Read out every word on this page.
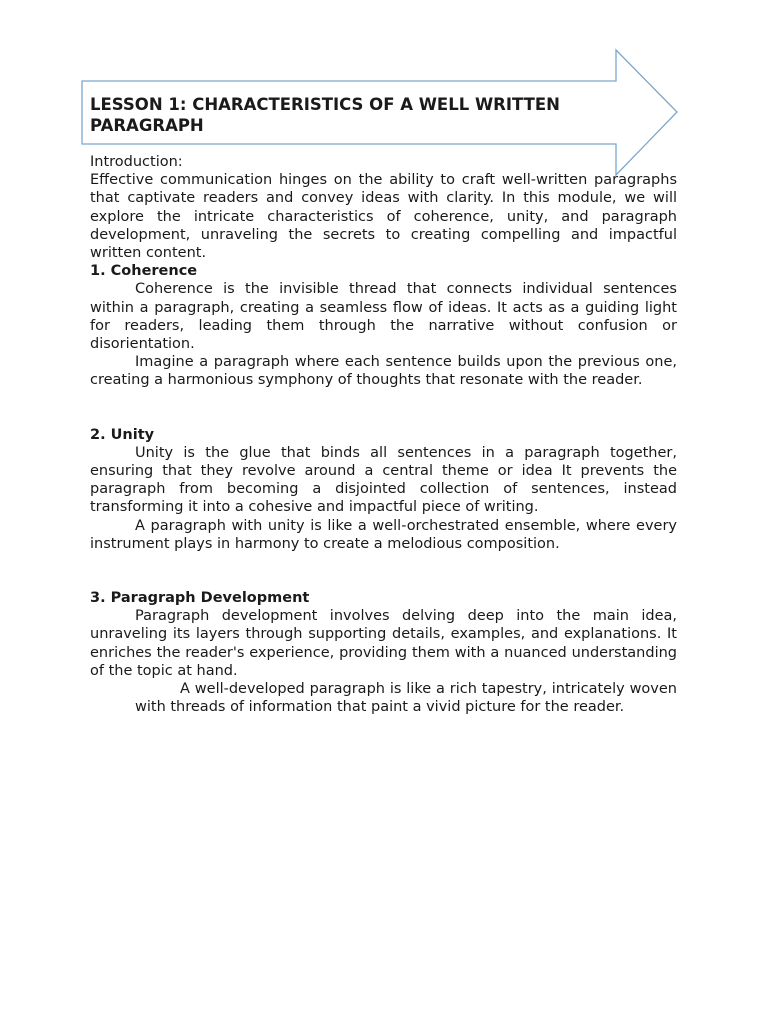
LESSON 1: CHARACTERISTICS OF A WELL WRITTEN PARAGRAPH

Introduction:

Effective communication hinges on the ability to craft well-written paragraphs that captivate readers and convey ideas with clarity. In this module, we will explore the intricate characteristics of coherence, unity, and paragraph development, unraveling the secrets to creating compelling and impactful written content.

1. Coherence

Coherence is the invisible thread that connects individual sentences within a paragraph, creating a seamless flow of ideas. It acts as a guiding light for readers, leading them through the narrative without confusion or disorientation.

Imagine a paragraph where each sentence builds upon the previous one, creating a harmonious symphony of thoughts that resonate with the reader.

2. Unity

Unity is the glue that binds all sentences in a paragraph together, ensuring that they revolve around a central theme or idea It prevents the paragraph from becoming a disjointed collection of sentences, instead transforming it into a cohesive and impactful piece of writing.

A paragraph with unity is like a well-orchestrated ensemble, where every instrument plays in harmony to create a melodious composition.

3. Paragraph Development

Paragraph development involves delving deep into the main idea, unraveling its layers through supporting details, examples, and explanations. It enriches the reader's experience, providing them with a nuanced understanding of the topic at hand.

A well-developed paragraph is like a rich tapestry, intricately woven with threads of information that paint a vivid picture for the reader.
